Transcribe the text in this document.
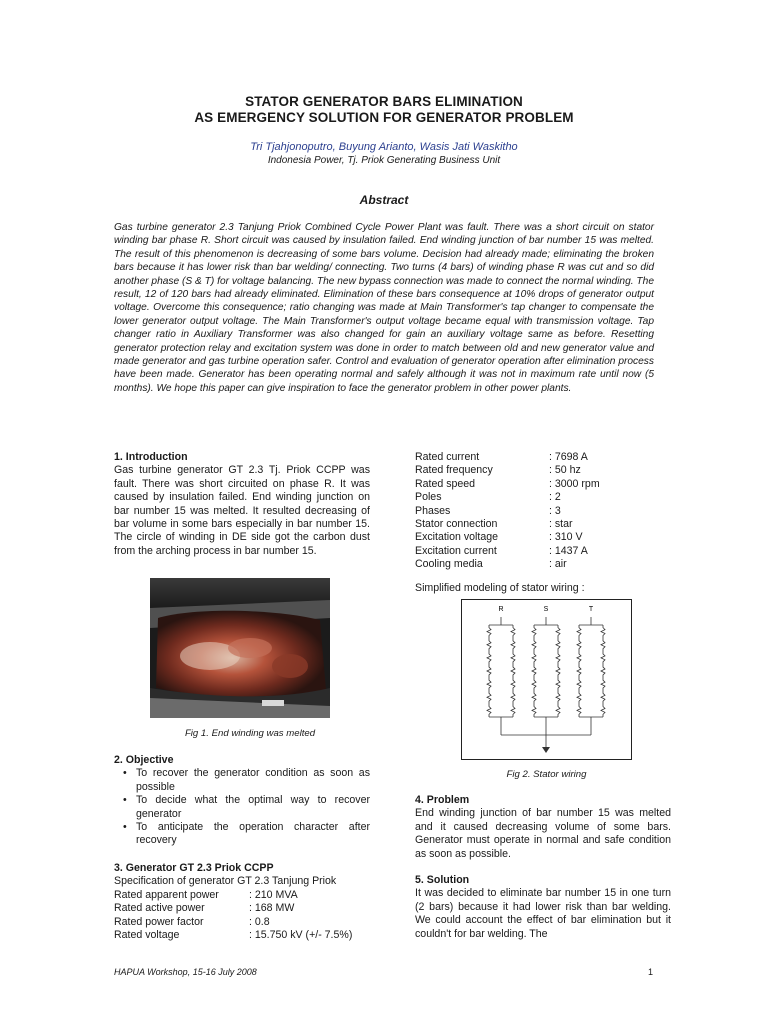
STATOR GENERATOR BARS ELIMINATION
AS EMERGENCY SOLUTION FOR GENERATOR PROBLEM
Tri Tjahjonoputro, Buyung Arianto, Wasis Jati Waskitho
Indonesia Power, Tj. Priok Generating Business Unit
Abstract
Gas turbine generator 2.3 Tanjung Priok Combined Cycle Power Plant was fault. There was a short circuit on stator winding bar phase R. Short circuit was caused by insulation failed. End winding junction of bar number 15 was melted. The result of this phenomenon is decreasing of some bars volume. Decision had already made; eliminating the broken bars because it has lower risk than bar welding/ connecting. Two turns (4 bars) of winding phase R was cut and so did another phase (S & T) for voltage balancing. The new bypass connection was made to connect the normal winding. The result, 12 of 120 bars had already eliminated. Elimination of these bars consequence at 10% drops of generator output voltage. Overcome this consequence; ratio changing was made at Main Transformer's tap changer to compensate the lower generator output voltage. The Main Transformer's output voltage became equal with transmission voltage. Tap changer ratio in Auxiliary Transformer was also changed for gain an auxiliary voltage same as before. Resetting generator protection relay and excitation system was done in order to match between old and new generator value and made generator and gas turbine operation safer. Control and evaluation of generator operation after elimination process have been made. Generator has been operating normal and safely although it was not in maximum rate until now (5 months). We hope this paper can give inspiration to face the generator problem in other power plants.
1. Introduction
Gas turbine generator GT 2.3 Tj. Priok CCPP was fault. There was short circuited on phase R. It was caused by insulation failed. End winding junction on bar number 15 was melted. It resulted decreasing of bar volume in some bars especially in bar number 15. The circle of winding in DE side got the carbon dust from the arching process in bar number 15.
Fig 1. End winding was melted
2. Objective
• To recover the generator condition as soon as possible
• To decide what the optimal way to recover generator
• To anticipate the operation character after recovery
3. Generator GT 2.3 Priok CCPP
Specification of generator GT 2.3 Tanjung Priok
Rated apparent power	: 210 MVA
Rated active power	: 168 MW
Rated power factor	: 0.8
Rated voltage	: 15.750 kV (+/- 7.5%)
Rated current	: 7698 A
Rated frequency	: 50 hz
Rated speed	: 3000 rpm
Poles	: 2
Phases	: 3
Stator connection	: star
Excitation voltage	: 310 V
Excitation current	: 1437 A
Cooling media	: air
Simplified modeling of stator wiring :
R	S	T
Fig 2. Stator wiring
4. Problem
End winding junction of bar number 15 was melted and it caused decreasing volume of some bars. Generator must operate in normal and safe condition as soon as possible.
5. Solution
It was decided to eliminate bar number 15 in one turn (2 bars) because it had lower risk than bar welding. We could account the effect of bar elimination but it couldn't for bar welding. The
HAPUA Workshop, 15-16 July 2008	1
